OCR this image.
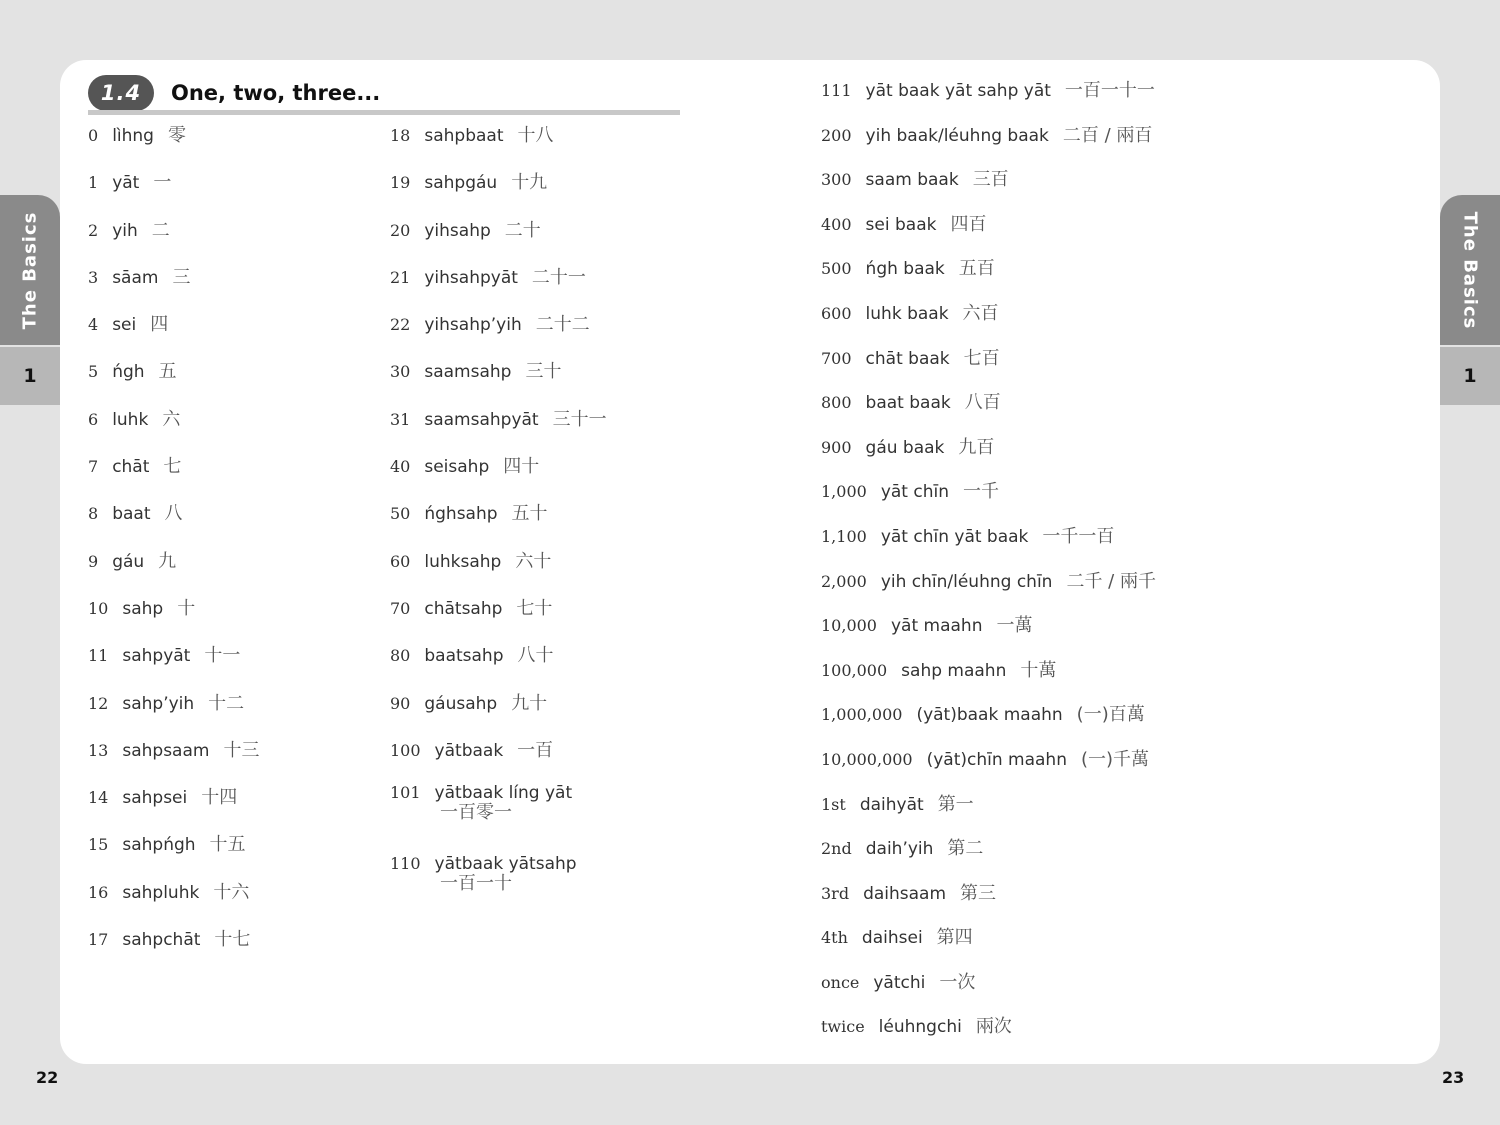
1.4	One, two, three...
0 lìhng 零
1 yāt 一
2 yih 二
3 sāam 三
4 sei 四
5 ńgh 五
6 luhk 六
7 chāt 七
8 baat 八
9 gáu 九
10 sahp 十
11 sahpyāt 十一
12 sahp’yih 十二
13 sahpsaam 十三
14 sahpsei 十四
15 sahpńgh 十五
16 sahpluhk 十六
17 sahpchāt 十七
18 sahpbaat 十八
19 sahpgáu 十九
20 yihsahp 二十
21 yihsahpyāt 二十一
22 yihsahp’yih 二十二
30 saamsahp 三十
31 saamsahpyāt 三十一
40 seisahp 四十
50 ńghsahp 五十
60 luhksahp 六十
70 chātsahp 七十
80 baatsahp 八十
90 gáusahp 九十
100 yātbaak 一百
101 yātbaak líng yāt
一百零一
110 yātbaak yātsahp
一百一十
111 yāt baak yāt sahp yāt 一百一十一
200 yih baak/léuhng baak 二百 / 兩百
300 saam baak 三百
400 sei baak 四百
500 ńgh baak 五百
600 luhk baak 六百
700 chāt baak 七百
800 baat baak 八百
900 gáu baak 九百
1,000 yāt chīn 一千
1,100 yāt chīn yāt baak 一千一百
2,000 yih chīn/léuhng chīn 二千 / 兩千
10,000 yāt maahn 一萬
100,000 sahp maahn 十萬
1,000,000 (yāt)baak maahn (一)百萬
10,000,000 (yāt)chīn maahn (一)千萬
1st daihyāt 第一
2nd daih’yih 第二
3rd daihsaam 第三
4th daihsei 第四
once yātchi 一次
twice léuhngchi 兩次
The Basics
1
The Basics
1
22	23
